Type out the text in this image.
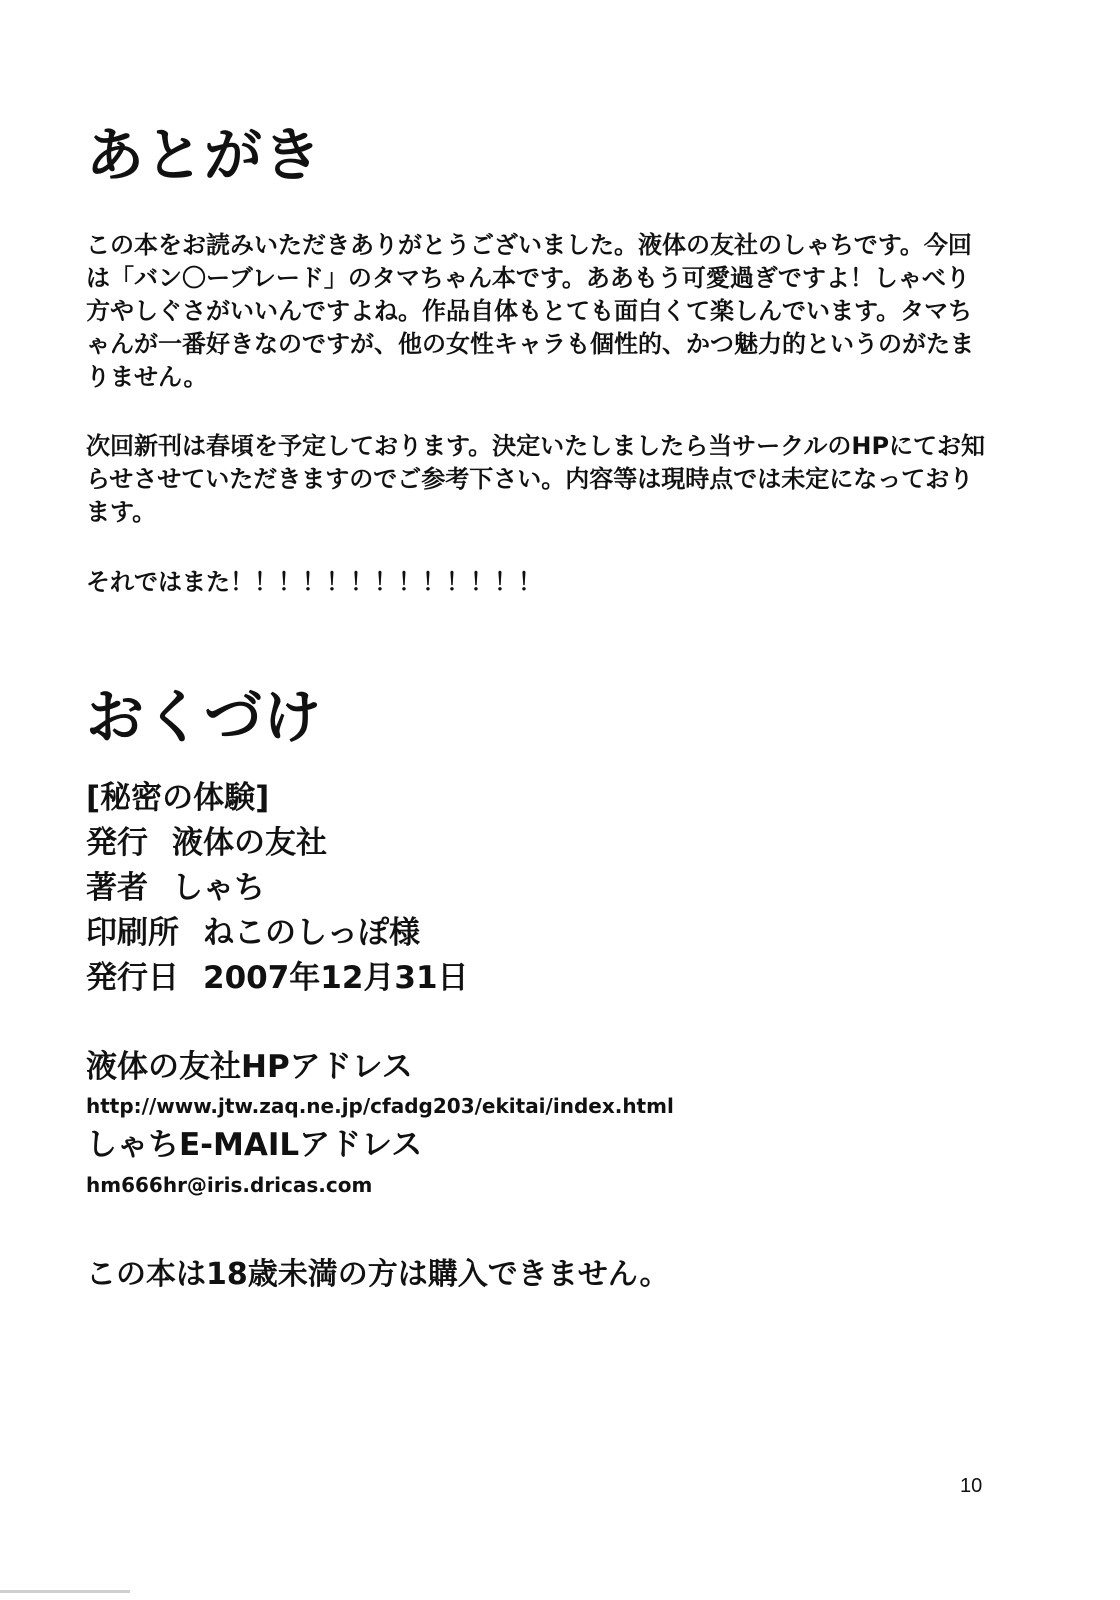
あとがき

この本をお読みいただきありがとうございました。液体の友社のしゃちです。今回は「バン〇ーブレード」のタマちゃん本です。ああもう可愛過ぎですよ！しゃべり方やしぐさがいいんですよね。作品自体もとても面白くて楽しんでいます。タマちゃんが一番好きなのですが、他の女性キャラも個性的、かつ魅力的というのがたまりません。

次回新刊は春頃を予定しております。決定いたしましたら当サークルのHPにてお知らせさせていただきますのでご参考下さい。内容等は現時点では未定になっております。

それではまた！！！！！！！！！！！！！

おくづけ
[秘密の体験]
発行 液体の友社
著者 しゃち
印刷所 ねこのしっぽ様
発行日 2007年12月31日
液体の友社HPアドレス
http://www.jtw.zaq.ne.jp/cfadg203/ekitai/index.html
しゃちE-MAILアドレス
hm666hr@iris.dricas.com
この本は18歳未満の方は購入できません。
10
